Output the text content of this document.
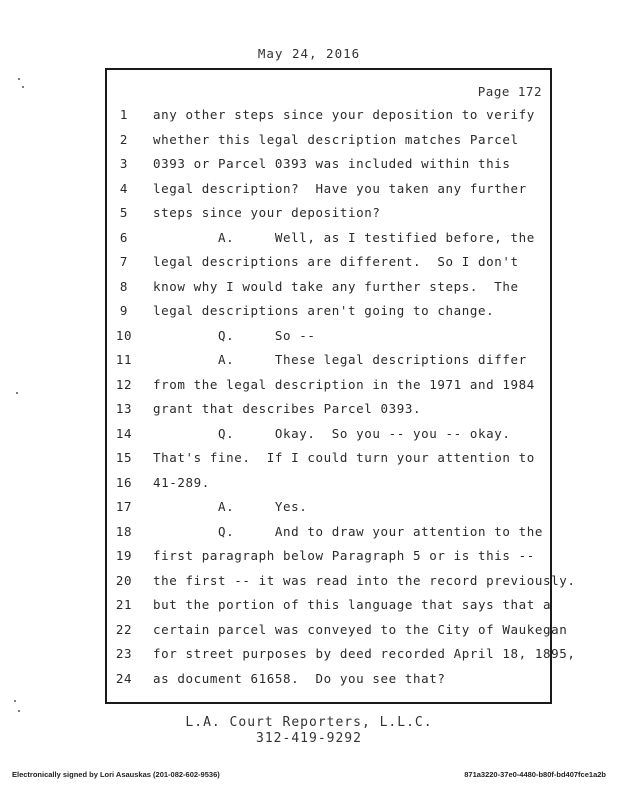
May 24, 2016
Page 172
1	any other steps since your deposition to verify
2	whether this legal description matches Parcel
3	0393 or Parcel 0393 was included within this
4	legal description?  Have you taken any further
5	steps since your deposition?
6	A.     Well, as I testified before, the
7	legal descriptions are different.  So I don't
8	know why I would take any further steps.  The
9	legal descriptions aren't going to change.
10 Q.     So --
11 A.     These legal descriptions differ
12 from the legal description in the 1971 and 1984
13 grant that describes Parcel 0393.
14 Q.     Okay.  So you -- you -- okay.
15 That's fine.  If I could turn your attention to
16 41-289.
17 A.     Yes.
18 Q.     And to draw your attention to the
19 first paragraph below Paragraph 5 or is this --
20 the first -- it was read into the record previously.
21 but the portion of this language that says that a
22 certain parcel was conveyed to the City of Waukegan
23 for street purposes by deed recorded April 18, 1895,
24 as document 61658.  Do you see that?
L.A. Court Reporters, L.L.C.
312-419-9292
Electronically signed by Lori Asauskas (201-082-602-9536)	871a3220-37e0-4480-b80f-bd407fce1a2b
